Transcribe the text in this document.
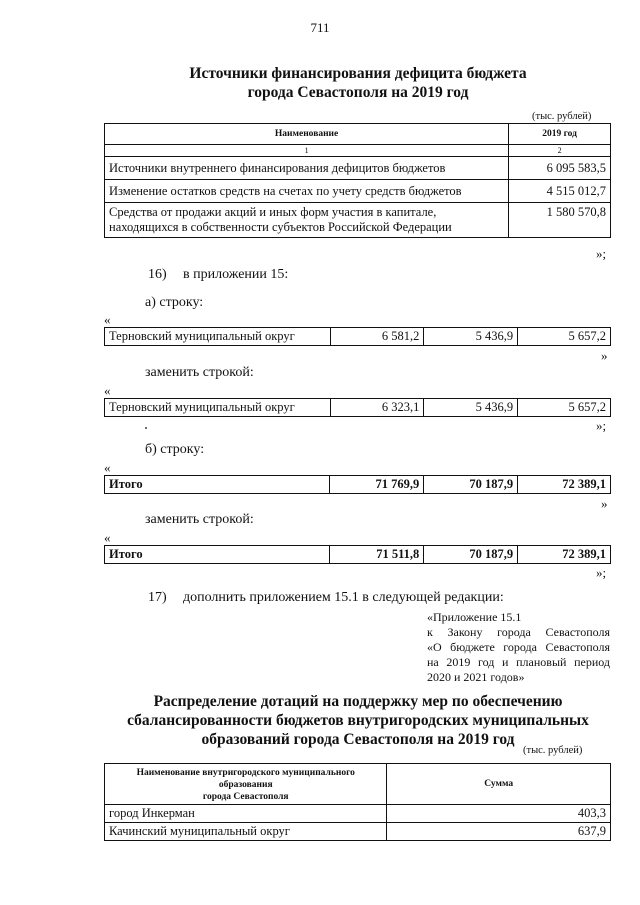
711
Источники финансирования дефицита бюджета
города Севастополя на 2019 год
(тыс. рублей)
Наименование	2019 год
1	2
Источники внутреннего финансирования дефицитов бюджетов	6 095 583,5
Изменение остатков средств на счетах по учету средств бюджетов	4 515 012,7

Средства от продажи акций и иных форм участия в капитале,
находящихся в собственности субъектов Российской Федерации	1 580 570,8
»;
16) в приложении 15:
а) строку:
«
Терновский муниципальный округ	6 581,2	5 436,9	5 657,2
»
заменить строкой:
«
Терновский муниципальный округ	6 323,1	5 436,9	5 657,2
»;
б) строку:
«
Итого	71 769,9	70 187,9	72 389,1
»
заменить строкой:
«
Итого	71 511,8	70 187,9	72 389,1
»;
17) дополнить приложением 15.1 в следующей редакции:
«Приложение 15.1
к Закону города Севастополя
«О бюджете города Севастополя
на 2019 год и плановый период
2020 и 2021 годов»
Распределение дотаций на поддержку мер по обеспечению
сбалансированности бюджетов внутригородских муниципальных
образований города Севастополя на 2019 год
(тыс. рублей)
Наименование внутригородского муниципального образования
города Севастополя	Сумма
город Инкерман	403,3
Качинский муниципальный округ	637,9
